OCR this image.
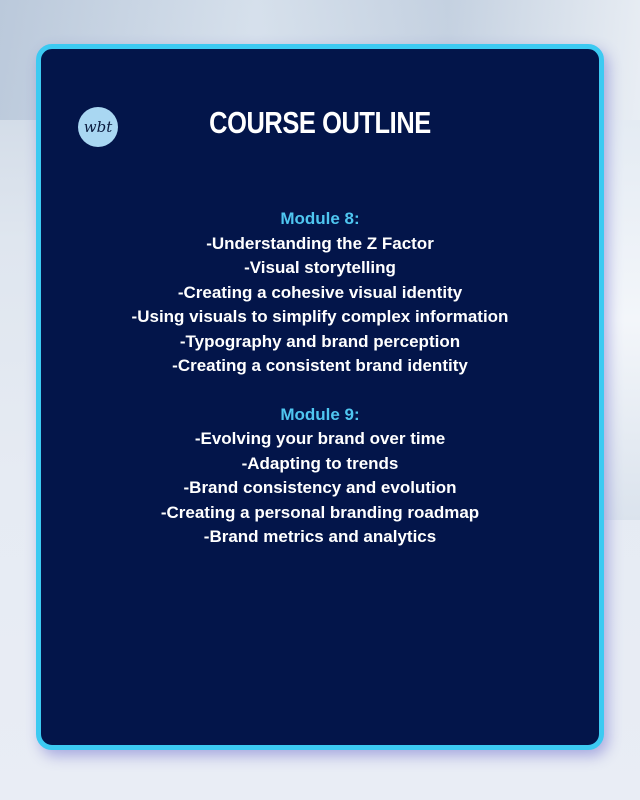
wbt	COURSE OUTLINE
Module 8:
-Understanding the Z Factor
-Visual storytelling
-Creating a cohesive visual identity
-Using visuals to simplify complex information
-Typography and brand perception
-Creating a consistent brand identity
Module 9:
-Evolving your brand over time
-Adapting to trends
-Brand consistency and evolution
-Creating a personal branding roadmap
-Brand metrics and analytics
